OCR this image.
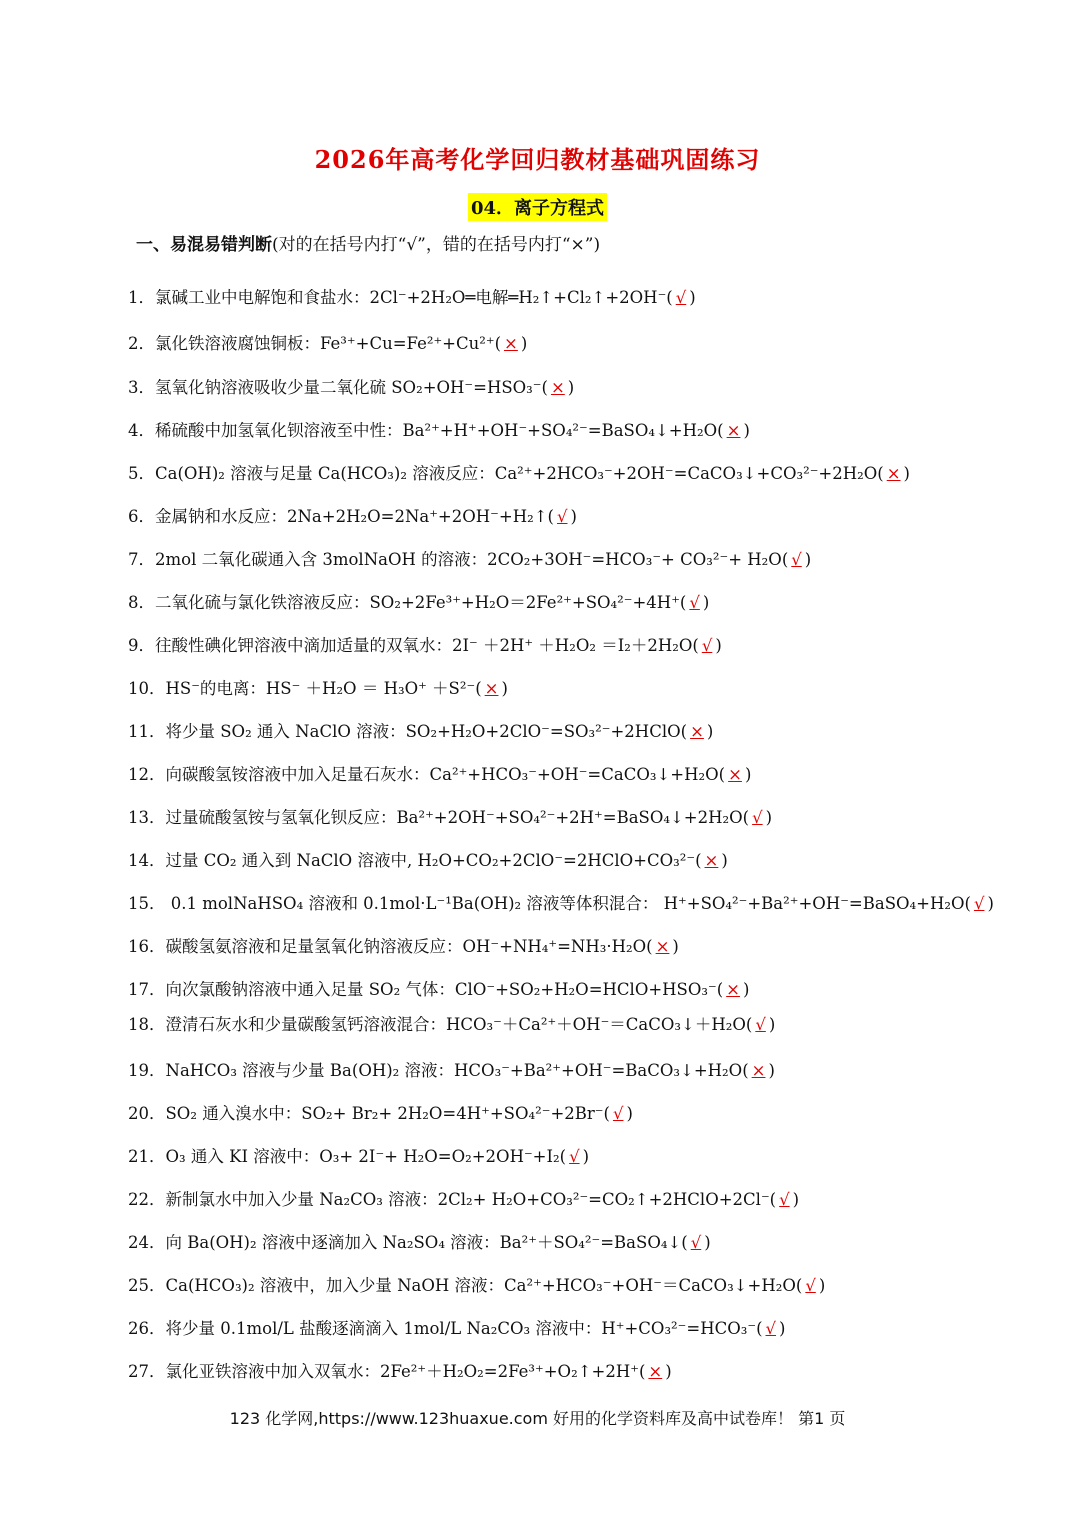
2026年高考化学回归教材基础巩固练习
04．离子方程式
一、易混易错判断(对的在括号内打“√”，错的在括号内打“×”)
1．氯碱工业中电解饱和食盐水：2Cl⁻+2H₂O═电解═H₂↑+Cl₂↑+2OH⁻( √ )
2．氯化铁溶液腐蚀铜板：Fe³⁺+Cu=Fe²⁺+Cu²⁺( × )
3．氢氧化钠溶液吸收少量二氧化硫 SO₂+OH⁻=HSO₃⁻( × )
4．稀硫酸中加氢氧化钡溶液至中性：Ba²⁺+H⁺+OH⁻+SO₄²⁻=BaSO₄↓+H₂O( × )
5．Ca(OH)₂ 溶液与足量 Ca(HCO₃)₂ 溶液反应：Ca²⁺+2HCO₃⁻+2OH⁻=CaCO₃↓+CO₃²⁻+2H₂O( × )
6．金属钠和水反应：2Na+2H₂O=2Na⁺+2OH⁻+H₂↑( √ )
7．2mol 二氧化碳通入含 3molNaOH 的溶液：2CO₂+3OH⁻=HCO₃⁻+ CO₃²⁻+ H₂O( √ )
8．二氧化硫与氯化铁溶液反应：SO₂+2Fe³⁺+H₂O＝2Fe²⁺+SO₄²⁻+4H⁺( √ )
9．往酸性碘化钾溶液中滴加适量的双氧水：2I⁻ ＋2H⁺ ＋H₂O₂ ＝I₂＋2H₂O( √ )
10．HS⁻的电离：HS⁻ ＋H₂O ＝ H₃O⁺ ＋S²⁻( × )
11．将少量 SO₂ 通入 NaClO 溶液：SO₂+H₂O+2ClO⁻=SO₃²⁻+2HClO( × )
12．向碳酸氢铵溶液中加入足量石灰水：Ca²⁺+HCO₃⁻+OH⁻=CaCO₃↓+H₂O( × )
13．过量硫酸氢铵与氢氧化钡反应：Ba²⁺+2OH⁻+SO₄²⁻+2H⁺=BaSO₄↓+2H₂O( √ )
14．过量 CO₂ 通入到 NaClO 溶液中, H₂O+CO₂+2ClO⁻=2HClO+CO₃²⁻( × )
15． 0.1 molNaHSO₄ 溶液和 0.1mol·L⁻¹Ba(OH)₂ 溶液等体积混合： H⁺+SO₄²⁻+Ba²⁺+OH⁻=BaSO₄+H₂O( √ )
16．碳酸氢氨溶液和足量氢氧化钠溶液反应：OH⁻+NH₄⁺=NH₃·H₂O( × )
17．向次氯酸钠溶液中通入足量 SO₂ 气体：ClO⁻+SO₂+H₂O=HClO+HSO₃⁻( × )
18．澄清石灰水和少量碳酸氢钙溶液混合：HCO₃⁻＋Ca²⁺＋OH⁻＝CaCO₃↓＋H₂O( √ )
19．NaHCO₃ 溶液与少量 Ba(OH)₂ 溶液：HCO₃⁻+Ba²⁺+OH⁻=BaCO₃↓+H₂O( × )
20．SO₂ 通入溴水中：SO₂+ Br₂+ 2H₂O=4H⁺+SO₄²⁻+2Br⁻( √ )
21．O₃ 通入 KI 溶液中：O₃+ 2I⁻+ H₂O=O₂+2OH⁻+I₂( √ )
22．新制氯水中加入少量 Na₂CO₃ 溶液：2Cl₂+ H₂O+CO₃²⁻=CO₂↑+2HClO+2Cl⁻( √ )
24．向 Ba(OH)₂ 溶液中逐滴加入 Na₂SO₄ 溶液：Ba²⁺＋SO₄²⁻=BaSO₄↓( √ )
25．Ca(HCO₃)₂ 溶液中，加入少量 NaOH 溶液：Ca²⁺+HCO₃⁻+OH⁻＝CaCO₃↓+H₂O( √ )
26．将少量 0.1mol/L 盐酸逐滴滴入 1mol/L Na₂CO₃ 溶液中：H⁺+CO₃²⁻=HCO₃⁻( √ )
27．氯化亚铁溶液中加入双氧水：2Fe²⁺＋H₂O₂=2Fe³⁺+O₂↑+2H⁺( × )
123 化学网,https://www.123huaxue.com 好用的化学资料库及高中试卷库！ 第1 页
